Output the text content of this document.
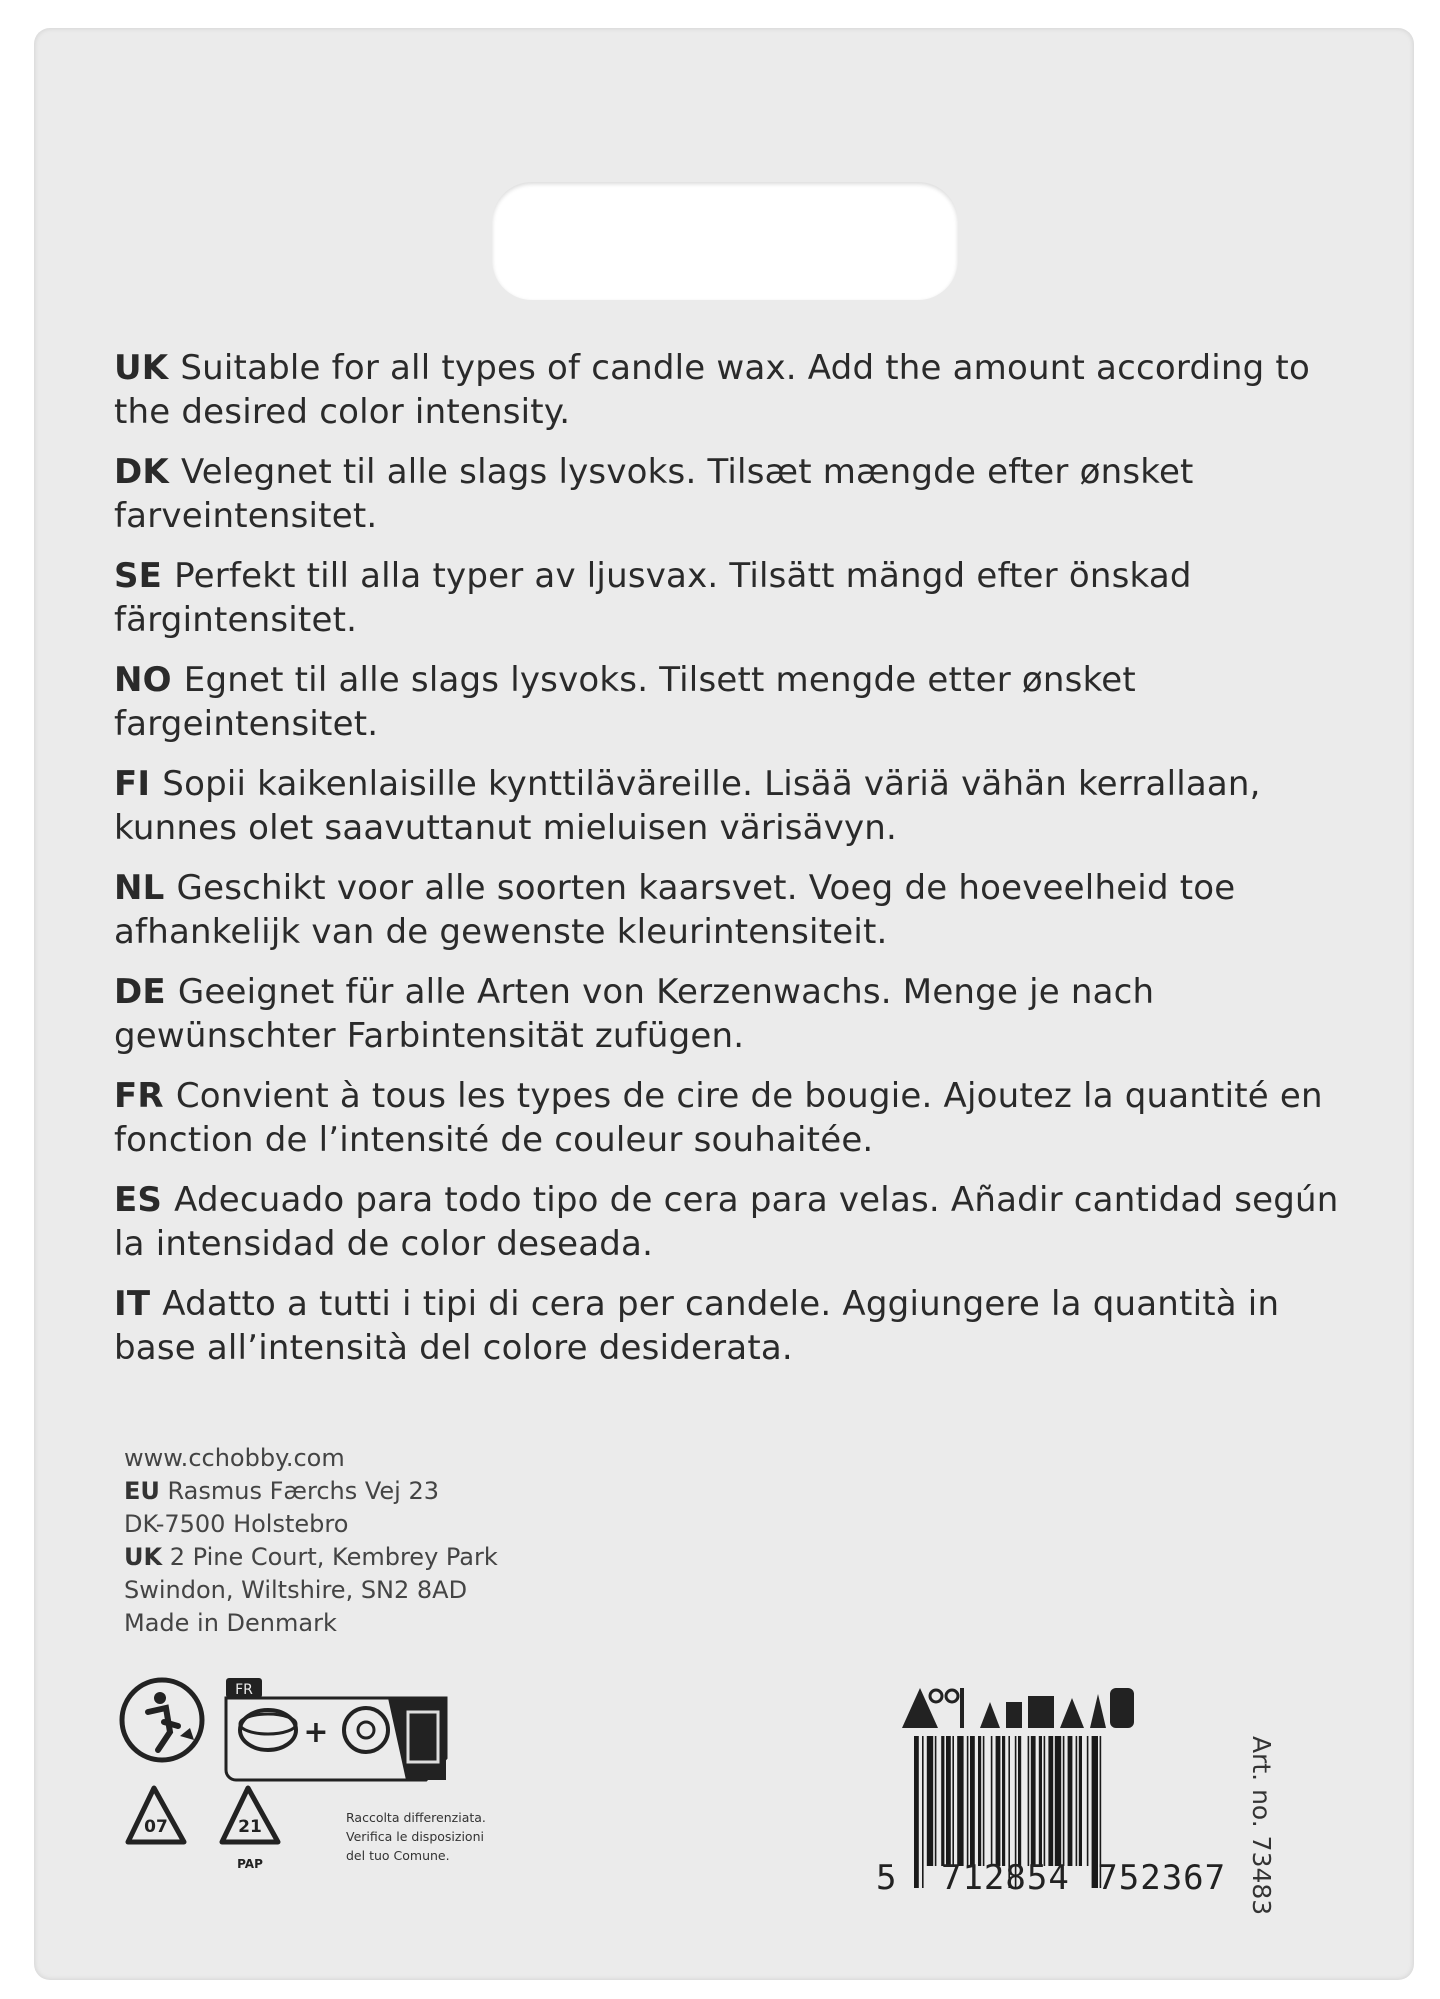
UK Suitable for all types of candle wax. Add the amount according to the desired color intensity.

DK Velegnet til alle slags lysvoks. Tilsæt mængde efter ønsket farveintensitet.

SE Perfekt till alla typer av ljusvax. Tilsätt mängd efter önskad färgintensitet.

NO Egnet til alle slags lysvoks. Tilsett mengde etter ønsket fargeintensitet.

FI Sopii kaikenlaisille kynttiläväreille. Lisää väriä vähän kerrallaan, kunnes olet saavuttanut mieluisen värisävyn.

NL Geschikt voor alle soorten kaarsvet. Voeg de hoeveelheid toe afhankelijk van de gewenste kleurintensiteit.

DE Geeignet für alle Arten von Kerzenwachs. Menge je nach gewünschter Farbintensität zufügen.

FR Convient à tous les types de cire de bougie. Ajoutez la quantité en fonction de l’intensité de couleur souhaitée.

ES Adecuado para todo tipo de cera para velas. Añadir cantidad según la intensidad de color deseada.

IT Adatto a tutti i tipi di cera per candele. Aggiungere la quantità in base all’intensità del colore desiderata.

www.cchobby.com
EU Rasmus Færchs Vej 23
DK-7500 Holstebro
UK 2 Pine Court, Kembrey Park
Swindon, Wiltshire, SN2 8AD
Made in Denmark
FR
+
07	21
PAP
Raccolta differenziata.
Verifica le disposizioni
del tuo Comune.
5 712854 752367 Art. no. 73483
